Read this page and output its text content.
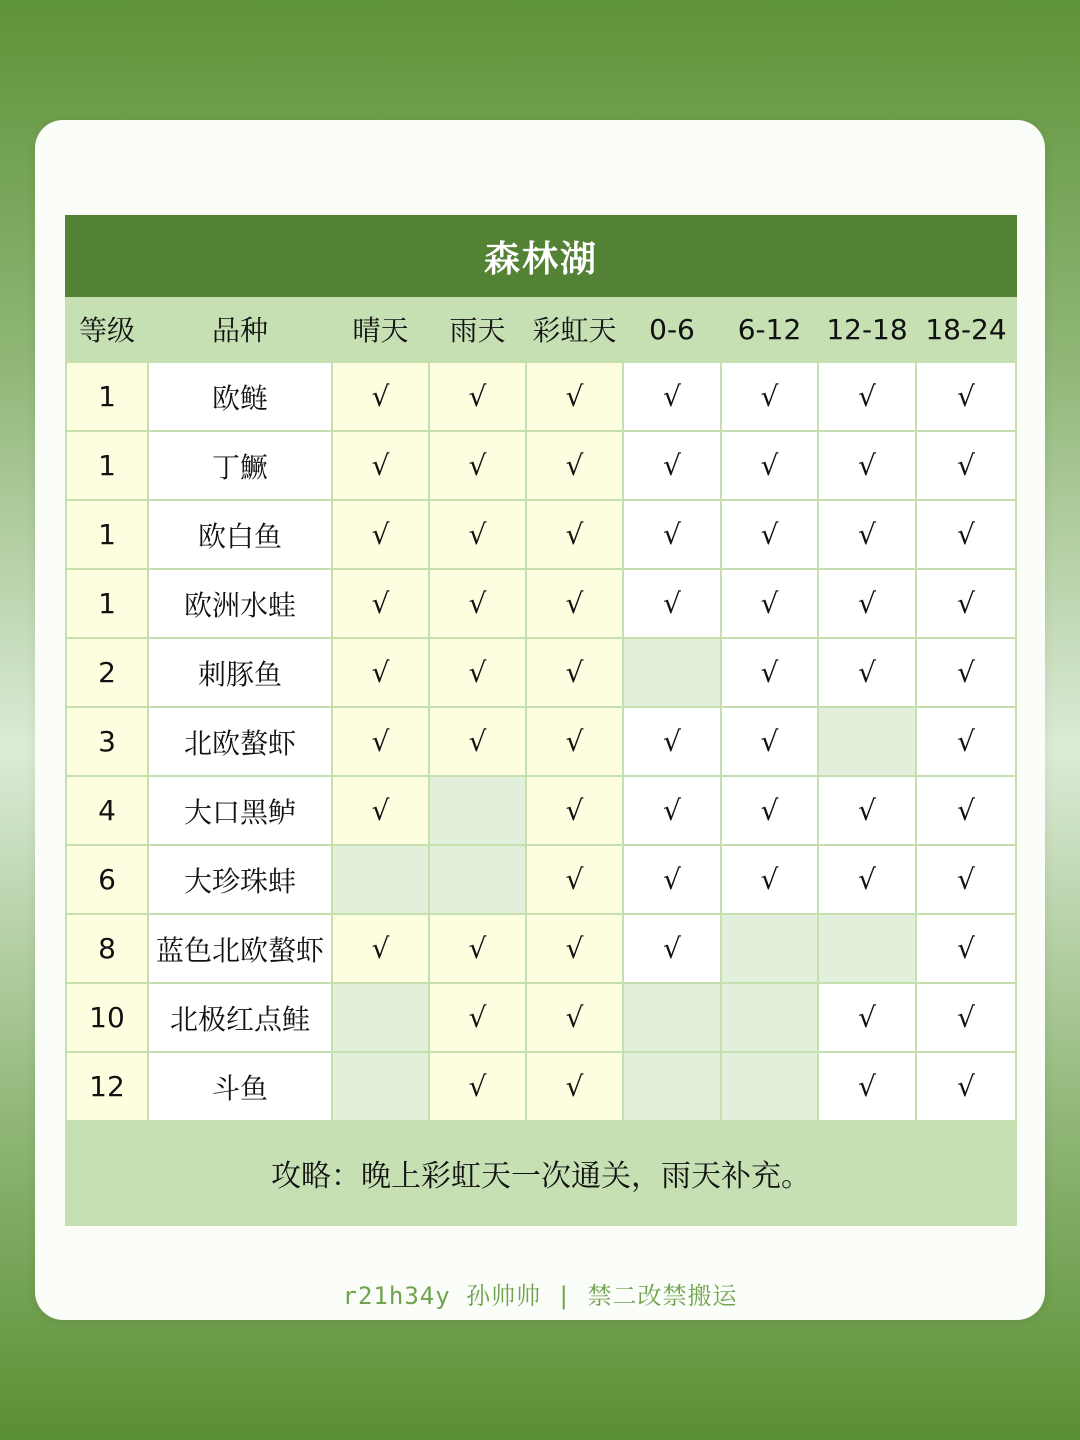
森林湖								
等级	品种	晴天	雨天	彩虹天	0-6	6-12	12-18	18-24
1	欧鲢	√	√	√	√	√	√	√
1	丁鱖	√	√	√	√	√	√	√
1	欧白鱼	√	√	√	√	√	√	√
1	欧洲水蛙	√	√	√	√	√	√	√
2	刺豚鱼	√	√	√		√	√	√
3	北欧螯虾	√	√	√	√	√		√
4	大口黑鲈	√		√	√	√	√	√
6	大珍珠蚌			√	√	√	√	√
8	蓝色北欧螯虾	√	√	√	√			√
10	北极红点鲑		√	√			√	√
12	斗鱼		√	√			√	√
攻略：晚上彩虹天一次通关，雨天补充。								
r21h34y 孙帅帅 | 禁二改禁搬运
